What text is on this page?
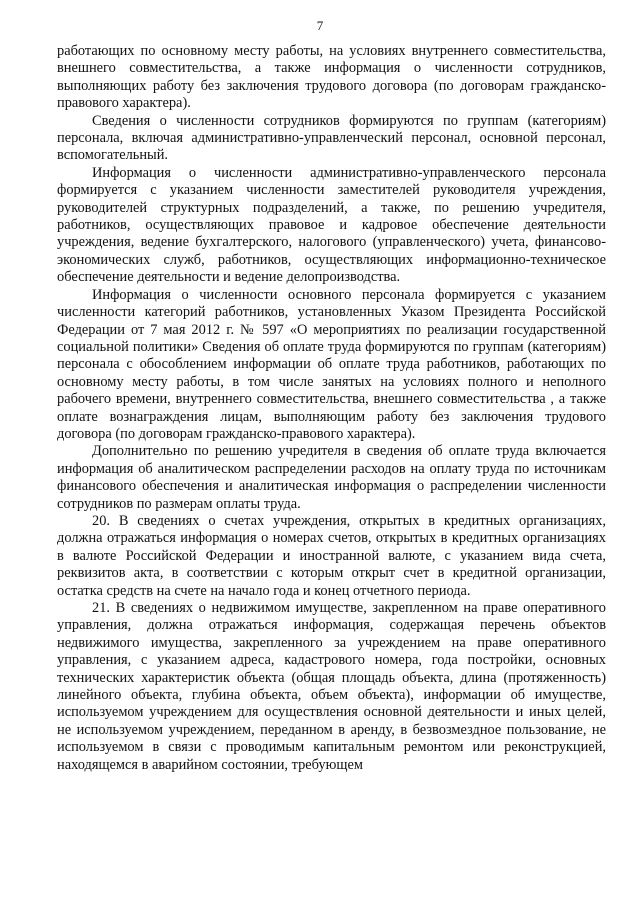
7

работающих по основному месту работы, на условиях внутреннего совместительства, внешнего совместительства, а также информация о численности сотрудников, выполняющих работу без заключения трудового договора (по договорам гражданско-правового характера).

Сведения о численности сотрудников формируются по группам (категориям) персонала, включая административно-управленческий персонал, основной персонал, вспомогательный.

Информация о численности административно-управленческого персонала формируется с указанием численности заместителей руководителя учреждения, руководителей структурных подразделений, а также, по решению учредителя, работников, осуществляющих правовое и кадровое обеспечение деятельности учреждения, ведение бухгалтерского, налогового (управленческого) учета, финансово-экономических служб, работников, осуществляющих информационно-техническое обеспечение деятельности и ведение делопроизводства.

Информация о численности основного персонала формируется с указанием численности категорий работников, установленных Указом Президента Российской Федерации от 7 мая 2012 г. № 597 «О мероприятиях по реализации государственной социальной политики» Сведения об оплате труда формируются по группам (категориям) персонала с обособлением информации об оплате труда работников, работающих по основному месту работы, в том числе занятых на условиях полного и неполного рабочего времени, внутреннего совместительства, внешнего совместительства , а также оплате вознаграждения лицам, выполняющим работу без заключения трудового договора (по договорам гражданско-правового характера).

Дополнительно по решению учредителя в сведения об оплате труда включается информация об аналитическом распределении расходов на оплату труда по источникам финансового обеспечения и аналитическая информация о распределении численности сотрудников по размерам оплаты труда.

20. В сведениях о счетах учреждения, открытых в кредитных организациях, должна отражаться информация о номерах счетов, открытых в кредитных организациях в валюте Российской Федерации и иностранной валюте, с указанием вида счета, реквизитов акта, в соответствии с которым открыт счет в кредитной организации, остатка средств на счете на начало года и конец отчетного периода.

21. В сведениях о недвижимом имуществе, закрепленном на праве оперативного управления, должна отражаться информация, содержащая перечень объектов недвижимого имущества, закрепленного за учреждением на праве оперативного управления, с указанием адреса, кадастрового номера, года постройки, основных технических характеристик объекта (общая площадь объекта, длина (протяженность) линейного объекта, глубина объекта, объем объекта), информации об имуществе, используемом учреждением для осуществления основной деятельности и иных целей, не используемом учреждением, переданном в аренду, в безвозмездное пользование, не используемом в связи с проводимым капитальным ремонтом или реконструкцией, находящемся в аварийном состоянии, требующем
